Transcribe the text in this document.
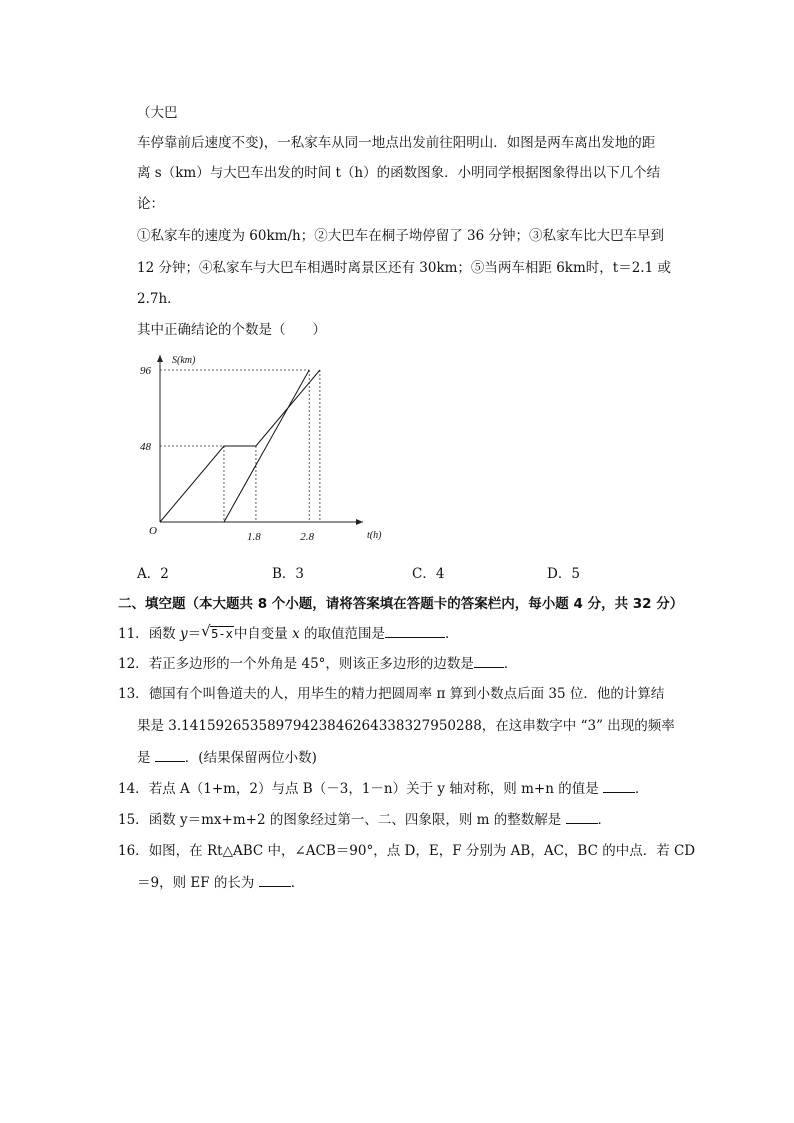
（大巴
车停靠前后速度不变)，一私家车从同一地点出发前往阳明山．如图是两车离出发地的距
离 s（km）与大巴车出发的时间 t（h）的函数图象．小明同学根据图象得出以下几个结
论：
①私家车的速度为 60km/h；②大巴车在桐子坳停留了 36 分钟；③私家车比大巴车早到
12 分钟；④私家车与大巴车相遇时离景区还有 30km；⑤当两车相距 6km时，t＝2.1 或
2.7h．
其中正确结论的个数是（　　）
S(km)
t(h)
O
96
48
1.8	2.8
A．2	B．3	C．4	D．5
二、填空题（本大题共 8 个小题，请将答案填在答题卡的答案栏内，每小题 4 分，共 32 分）
11．函数 y＝ √ 5-x中自变量 x 的取值范围是	．
12．若正多边形的一个外角是 45°，则该正多边形的边数是 ．
13．德国有个叫鲁道夫的人，用毕生的精力把圆周率 π 算到小数点后面 35 位．他的计算结
果是 3.14159265358979423846264338327950288，在这串数字中 “3” 出现的频率
是 ．(结果保留两位小数)
14．若点 A（1+m，2）与点 B（－3，1－n）关于 y 轴对称，则 m+n 的值是 ．
15．函数 y＝mx+m+2 的图象经过第一、二、四象限，则 m 的整数解是 ．
16．如图，在 Rt△ABC 中，∠ACB＝90°，点 D，E，F 分别为 AB，AC，BC 的中点．若 CD
＝9，则 EF 的长为 ．
